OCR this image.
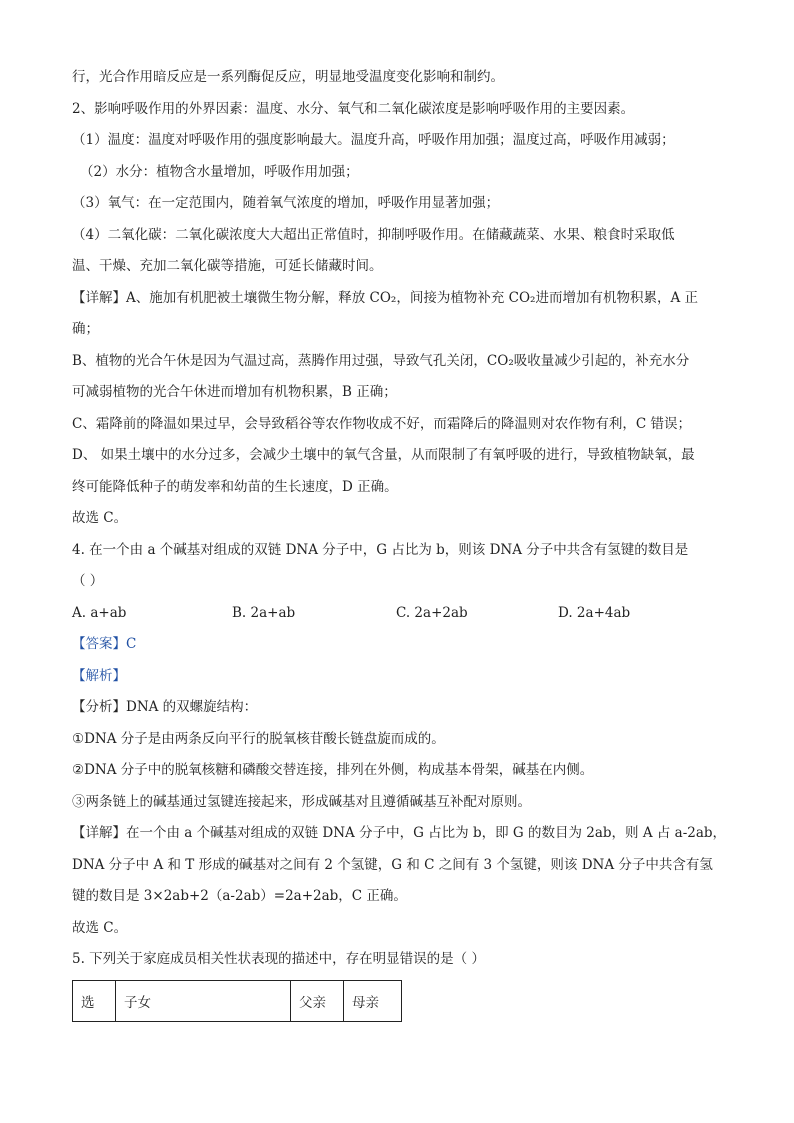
行，光合作用暗反应是一系列酶促反应，明显地受温度变化影响和制约。
2、影响呼吸作用的外界因素：温度、水分、氧气和二氧化碳浓度是影响呼吸作用的主要因素。
（1）温度：温度对呼吸作用的强度影响最大。温度升高，呼吸作用加强；温度过高，呼吸作用减弱；
（2）水分：植物含水量增加，呼吸作用加强；
（3）氧气：在一定范围内，随着氧气浓度的增加，呼吸作用显著加强；
（4）二氧化碳：二氧化碳浓度大大超出正常值时，抑制呼吸作用。在储藏蔬菜、水果、粮食时采取低
温、干燥、充加二氧化碳等措施，可延长储藏时间。
【详解】A、施加有机肥被土壤微生物分解，释放 CO₂，间接为植物补充 CO₂进而增加有机物积累，A 正
确；
B、植物的光合午休是因为气温过高，蒸腾作用过强，导致气孔关闭，CO₂吸收量减少引起的，补充水分
可减弱植物的光合午休进而增加有机物积累，B 正确；
C、霜降前的降温如果过早，会导致稻谷等农作物收成不好，而霜降后的降温则对农作物有利，C 错误；
D、 如果土壤中的水分过多，会减少土壤中的氧气含量，从而限制了有氧呼吸的进行，导致植物缺氧，最
终可能降低种子的萌发率和幼苗的生长速度，D 正确。
故选 C。
4. 在一个由 a 个碱基对组成的双链 DNA 分子中，G 占比为 b，则该 DNA 分子中共含有氢键的数目是
（ ）
A. a+ab	B. 2a+ab	C. 2a+2ab	D. 2a+4ab
【答案】C
【解析】
【分析】DNA 的双螺旋结构：
①DNA 分子是由两条反向平行的脱氧核苷酸长链盘旋而成的。
②DNA 分子中的脱氧核糖和磷酸交替连接，排列在外侧，构成基本骨架，碱基在内侧。
③两条链上的碱基通过氢键连接起来，形成碱基对且遵循碱基互补配对原则。
【详解】在一个由 a 个碱基对组成的双链 DNA 分子中，G 占比为 b，即 G 的数目为 2ab，则 A 占 a-2ab，
DNA 分子中 A 和 T 形成的碱基对之间有 2 个氢键，G 和 C 之间有 3 个氢键，则该 DNA 分子中共含有氢
键的数目是 3×2ab+2（a-2ab）=2a+2ab，C 正确。
故选 C。
5. 下列关于家庭成员相关性状表现的描述中，存在明显错误的是（ ）
选	子女	父亲	母亲
